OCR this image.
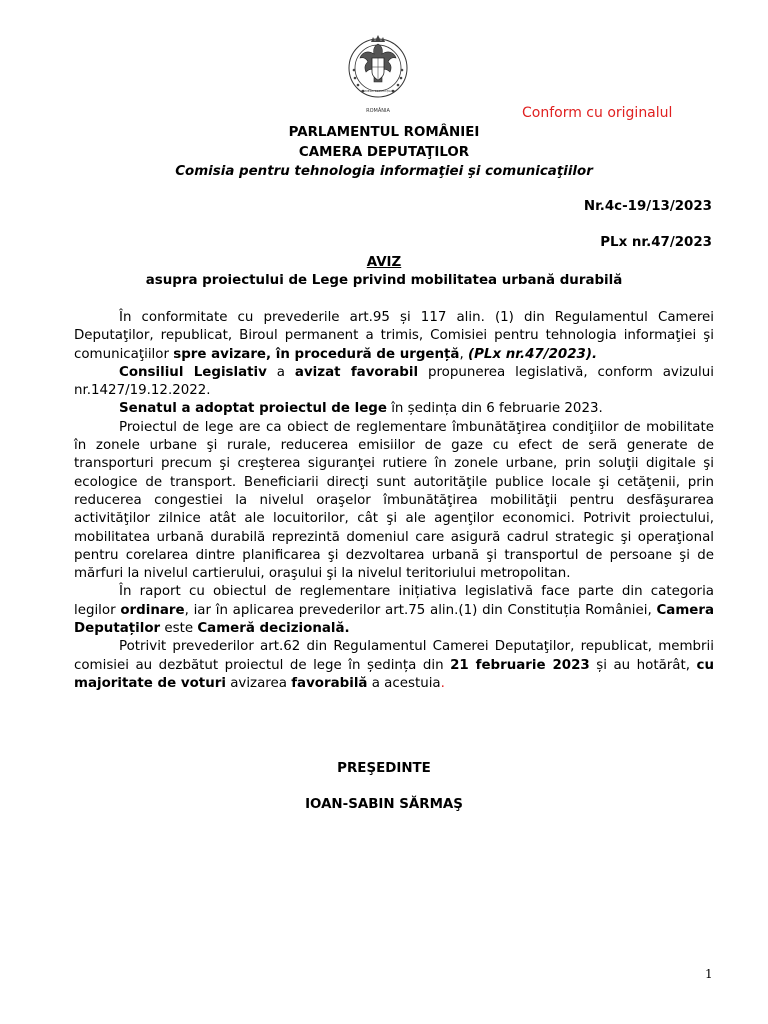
ROMÂNIA
CAMERA DEPUTAȚILOR
Conform cu originalul
PARLAMENTUL ROMÂNIEI
CAMERA DEPUTAŢILOR
Comisia pentru tehnologia informaţiei şi comunicaţiilor
Nr.4c-19/13/2023
PLx nr.47/2023
AVIZ
asupra proiectului de Lege privind mobilitatea urbană durabilă

În conformitate cu prevederile art.95 și 117 alin. (1) din Regulamentul Camerei Deputaţilor, republicat, Biroul permanent a trimis, Comisiei pentru tehnologia informaţiei şi comunicaţiilor spre avizare, în procedură de urgență, (PLx nr.47/2023).

Consiliul Legislativ a avizat favorabil propunerea legislativă, conform avizului nr.1427/19.12.2022.

Senatul a adoptat proiectul de lege în ședința din 6 februarie 2023.

Proiectul de lege are ca obiect de reglementare îmbunătăţirea condiţiilor de mobilitate în zonele urbane şi rurale, reducerea emisiilor de gaze cu efect de seră generate de transporturi precum şi creşterea siguranţei rutiere în zonele urbane, prin soluţii digitale şi ecologice de transport. Beneficiarii direcţi sunt autorităţile publice locale şi cetăţenii, prin reducerea congestiei la nivelul oraşelor îmbunătăţirea mobilităţii pentru desfăşurarea activităţilor zilnice atât ale locuitorilor, cât şi ale agenţilor economici. Potrivit proiectului, mobilitatea urbană durabilă reprezintă domeniul care asigură cadrul strategic şi operaţional pentru corelarea dintre planificarea şi dezvoltarea urbană şi transportul de persoane şi de mărfuri la nivelul cartierului, oraşului şi la nivelul teritoriului metropolitan.

În raport cu obiectul de reglementare inițiativa legislativă face parte din categoria legilor ordinare, iar în aplicarea prevederilor art.75 alin.(1) din Constituția României, Camera Deputaților este Cameră decizională.

Potrivit prevederilor art.62 din Regulamentul Camerei Deputaţilor, republicat, membrii comisiei au dezbătut proiectul de lege în ședința din 21 februarie 2023 și au hotărât, cu majoritate de voturi avizarea favorabilă a acestuia.

PREŞEDINTE
IOAN-SABIN SĂRMAŞ
1
